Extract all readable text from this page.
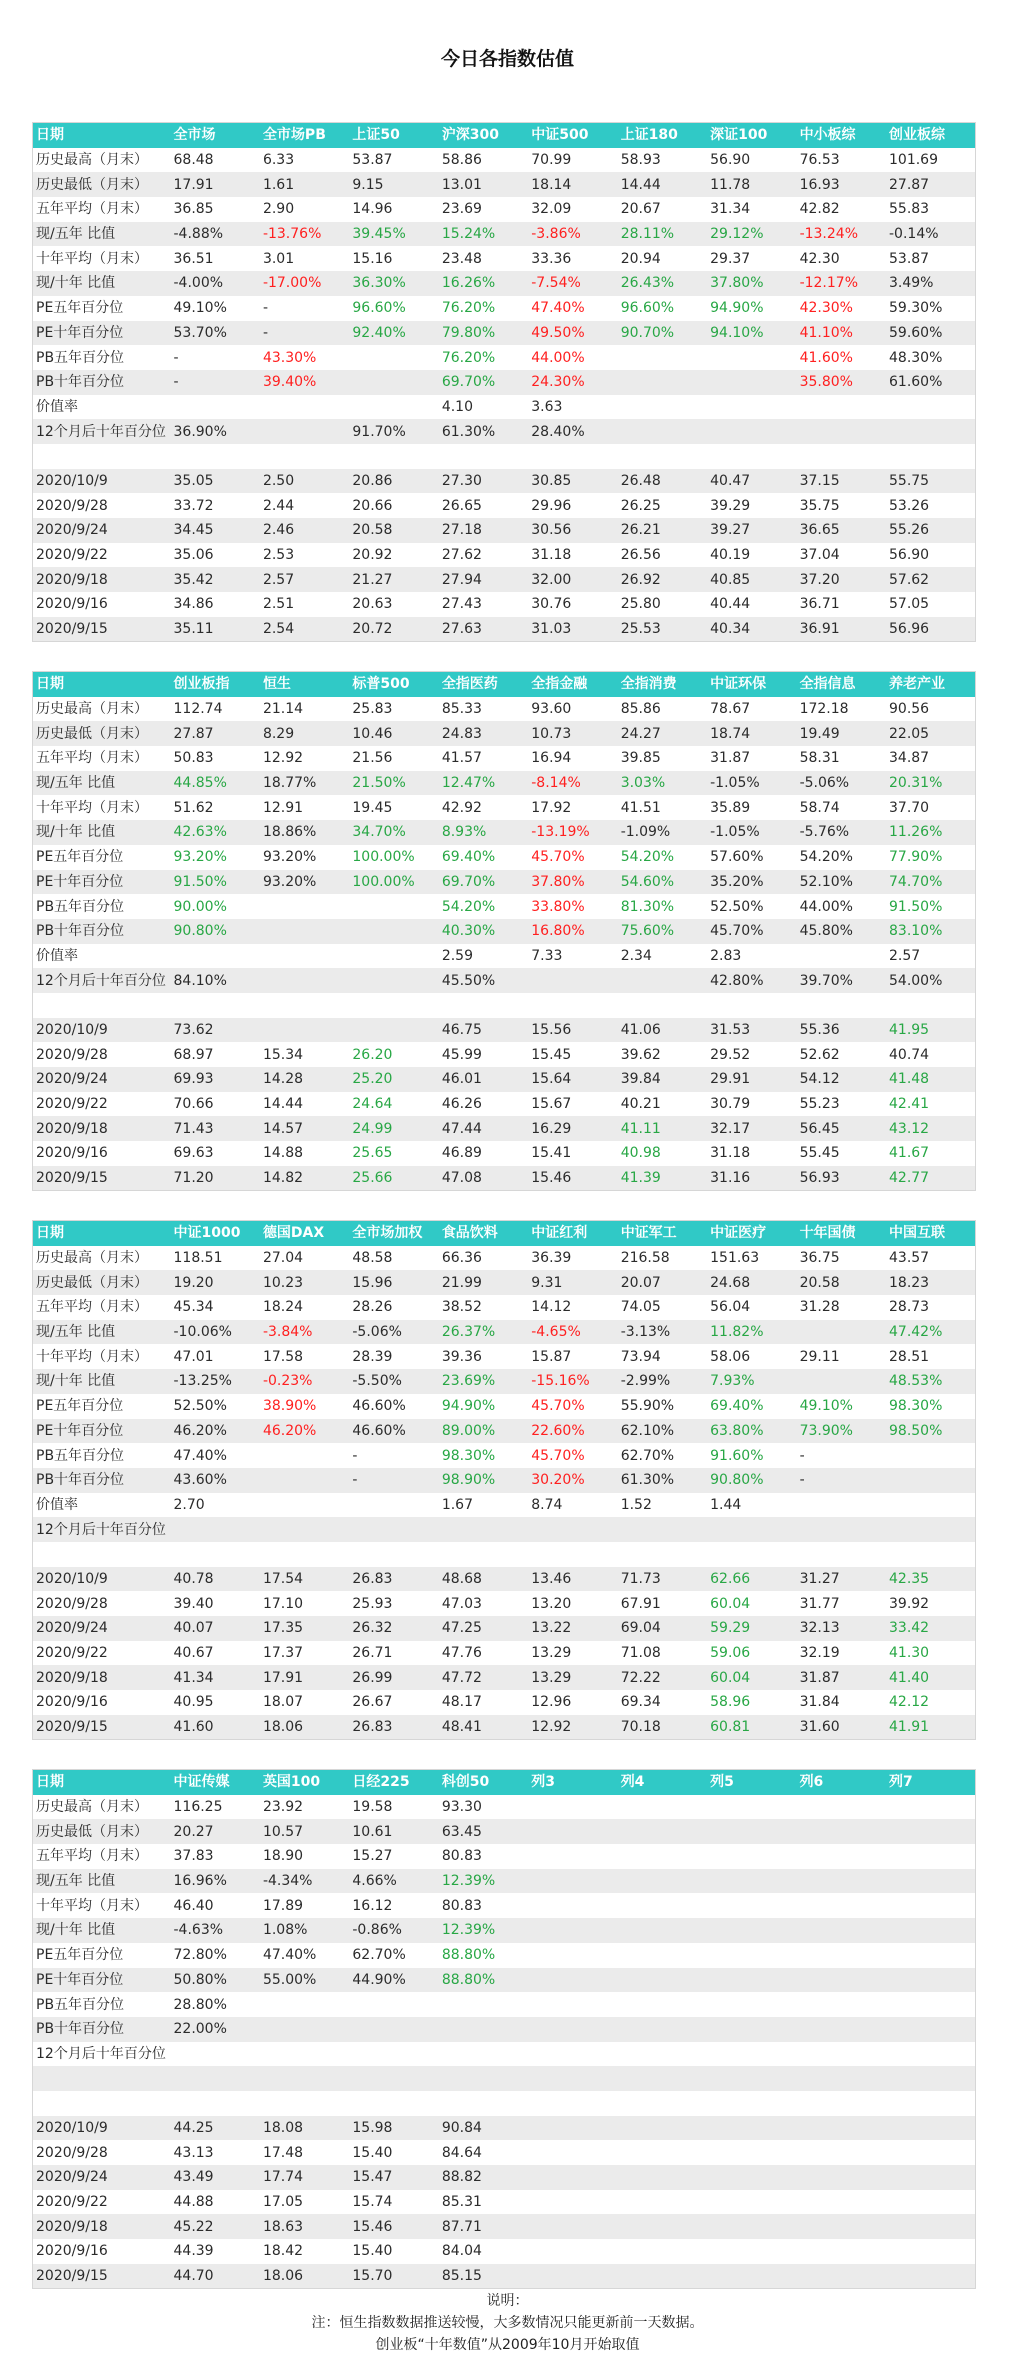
今日各指数估值
日期	全市场	全市场PB	上证50	沪深300	中证500	上证180	深证100	中小板综	创业板综
历史最高（月末）	68.48	6.33	53.87	58.86	70.99	58.93	56.90	76.53	101.69
历史最低（月末）	17.91	1.61	9.15	13.01	18.14	14.44	11.78	16.93	27.87
五年平均（月末）	36.85	2.90	14.96	23.69	32.09	20.67	31.34	42.82	55.83
现/五年 比值	-4.88%	-13.76%	39.45%	15.24%	-3.86%	28.11%	29.12%	-13.24%	-0.14%
十年平均（月末）	36.51	3.01	15.16	23.48	33.36	20.94	29.37	42.30	53.87
现/十年 比值	-4.00%	-17.00%	36.30%	16.26%	-7.54%	26.43%	37.80%	-12.17%	3.49%
PE五年百分位	49.10%	-	96.60%	76.20%	47.40%	96.60%	94.90%	42.30%	59.30%
PE十年百分位	53.70%	-	92.40%	79.80%	49.50%	90.70%	94.10%	41.10%	59.60%
PB五年百分位	-	43.30%		76.20%	44.00%			41.60%	48.30%
PB十年百分位	-	39.40%		69.70%	24.30%			35.80%	61.60%
价值率				4.10	3.63				
12个月后十年百分位	36.90%		91.70%	61.30%	28.40%				

2020/10/9	35.05	2.50	20.86	27.30	30.85	26.48	40.47	37.15	55.75
2020/9/28	33.72	2.44	20.66	26.65	29.96	26.25	39.29	35.75	53.26
2020/9/24	34.45	2.46	20.58	27.18	30.56	26.21	39.27	36.65	55.26
2020/9/22	35.06	2.53	20.92	27.62	31.18	26.56	40.19	37.04	56.90
2020/9/18	35.42	2.57	21.27	27.94	32.00	26.92	40.85	37.20	57.62
2020/9/16	34.86	2.51	20.63	27.43	30.76	25.80	40.44	36.71	57.05
2020/9/15	35.11	2.54	20.72	27.63	31.03	25.53	40.34	36.91	56.96
日期	创业板指	恒生	标普500	全指医药	全指金融	全指消费	中证环保	全指信息	养老产业
历史最高（月末）	112.74	21.14	25.83	85.33	93.60	85.86	78.67	172.18	90.56
历史最低（月末）	27.87	8.29	10.46	24.83	10.73	24.27	18.74	19.49	22.05
五年平均（月末）	50.83	12.92	21.56	41.57	16.94	39.85	31.87	58.31	34.87
现/五年 比值	44.85%	18.77%	21.50%	12.47%	-8.14%	3.03%	-1.05%	-5.06%	20.31%
十年平均（月末）	51.62	12.91	19.45	42.92	17.92	41.51	35.89	58.74	37.70
现/十年 比值	42.63%	18.86%	34.70%	8.93%	-13.19%	-1.09%	-1.05%	-5.76%	11.26%
PE五年百分位	93.20%	93.20%	100.00%	69.40%	45.70%	54.20%	57.60%	54.20%	77.90%
PE十年百分位	91.50%	93.20%	100.00%	69.70%	37.80%	54.60%	35.20%	52.10%	74.70%
PB五年百分位	90.00%			54.20%	33.80%	81.30%	52.50%	44.00%	91.50%
PB十年百分位	90.80%			40.30%	16.80%	75.60%	45.70%	45.80%	83.10%
价值率				2.59	7.33	2.34	2.83		2.57
12个月后十年百分位	84.10%			45.50%			42.80%	39.70%	54.00%

2020/10/9	73.62			46.75	15.56	41.06	31.53	55.36	41.95
2020/9/28	68.97	15.34	26.20	45.99	15.45	39.62	29.52	52.62	40.74
2020/9/24	69.93	14.28	25.20	46.01	15.64	39.84	29.91	54.12	41.48
2020/9/22	70.66	14.44	24.64	46.26	15.67	40.21	30.79	55.23	42.41
2020/9/18	71.43	14.57	24.99	47.44	16.29	41.11	32.17	56.45	43.12
2020/9/16	69.63	14.88	25.65	46.89	15.41	40.98	31.18	55.45	41.67
2020/9/15	71.20	14.82	25.66	47.08	15.46	41.39	31.16	56.93	42.77
日期	中证1000	德国DAX	全市场加权	食品饮料	中证红利	中证军工	中证医疗	十年国债	中国互联
历史最高（月末）	118.51	27.04	48.58	66.36	36.39	216.58	151.63	36.75	43.57
历史最低（月末）	19.20	10.23	15.96	21.99	9.31	20.07	24.68	20.58	18.23
五年平均（月末）	45.34	18.24	28.26	38.52	14.12	74.05	56.04	31.28	28.73
现/五年 比值	-10.06%	-3.84%	-5.06%	26.37%	-4.65%	-3.13%	11.82%		47.42%
十年平均（月末）	47.01	17.58	28.39	39.36	15.87	73.94	58.06	29.11	28.51
现/十年 比值	-13.25%	-0.23%	-5.50%	23.69%	-15.16%	-2.99%	7.93%		48.53%
PE五年百分位	52.50%	38.90%	46.60%	94.90%	45.70%	55.90%	69.40%	49.10%	98.30%
PE十年百分位	46.20%	46.20%	46.60%	89.00%	22.60%	62.10%	63.80%	73.90%	98.50%
PB五年百分位	47.40%		-	98.30%	45.70%	62.70%	91.60%	-	
PB十年百分位	43.60%		-	98.90%	30.20%	61.30%	90.80%	-	
价值率	2.70			1.67	8.74	1.52	1.44		
12个月后十年百分位									

2020/10/9	40.78	17.54	26.83	48.68	13.46	71.73	62.66	31.27	42.35
2020/9/28	39.40	17.10	25.93	47.03	13.20	67.91	60.04	31.77	39.92
2020/9/24	40.07	17.35	26.32	47.25	13.22	69.04	59.29	32.13	33.42
2020/9/22	40.67	17.37	26.71	47.76	13.29	71.08	59.06	32.19	41.30
2020/9/18	41.34	17.91	26.99	47.72	13.29	72.22	60.04	31.87	41.40
2020/9/16	40.95	18.07	26.67	48.17	12.96	69.34	58.96	31.84	42.12
2020/9/15	41.60	18.06	26.83	48.41	12.92	70.18	60.81	31.60	41.91
日期	中证传媒	英国100	日经225	科创50	列3	列4	列5	列6	列7
历史最高（月末）	116.25	23.92	19.58	93.30					
历史最低（月末）	20.27	10.57	10.61	63.45					
五年平均（月末）	37.83	18.90	15.27	80.83					
现/五年 比值	16.96%	-4.34%	4.66%	12.39%					
十年平均（月末）	46.40	17.89	16.12	80.83					
现/十年 比值	-4.63%	1.08%	-0.86%	12.39%					
PE五年百分位	72.80%	47.40%	62.70%	88.80%					
PE十年百分位	50.80%	55.00%	44.90%	88.80%					
PB五年百分位	28.80%								
PB十年百分位	22.00%								
12个月后十年百分位									

2020/10/9	44.25	18.08	15.98	90.84					
2020/9/28	43.13	17.48	15.40	84.64					
2020/9/24	43.49	17.74	15.47	88.82					
2020/9/22	44.88	17.05	15.74	85.31					
2020/9/18	45.22	18.63	15.46	87.71					
2020/9/16	44.39	18.42	15.40	84.04					
2020/9/15	44.70	18.06	15.70	85.15					
说明：
注：恒生指数数据推送较慢，大多数情况只能更新前一天数据。
创业板“十年数值”从2009年10月开始取值
